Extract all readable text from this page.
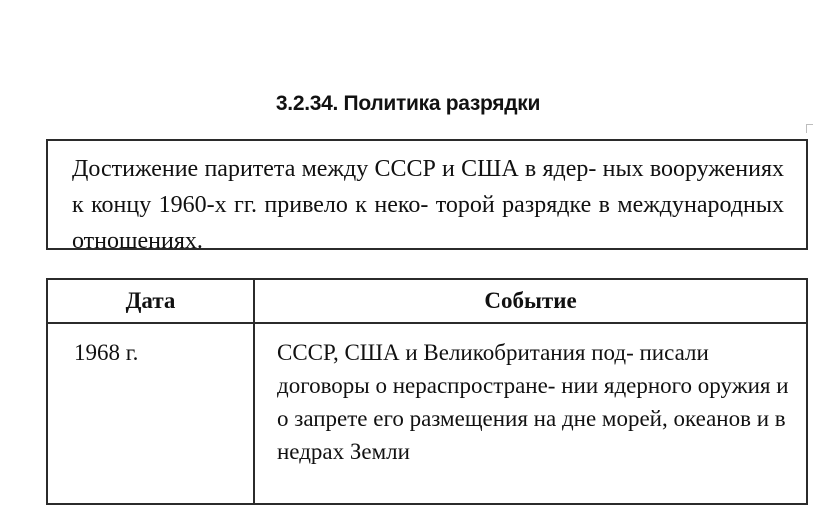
3.2.34. Политика разрядки
Достижение паритета между СССР и США в ядер- ных вооружениях к концу 1960-х гг. привело к неко- торой разрядке в международных отношениях.
Дата	Событие
1968 г.	СССР, США и Великобритания под- писали договоры о нераспростране- нии ядерного оружия и о запрете его размещения на дне морей, океанов и в недрах Земли
